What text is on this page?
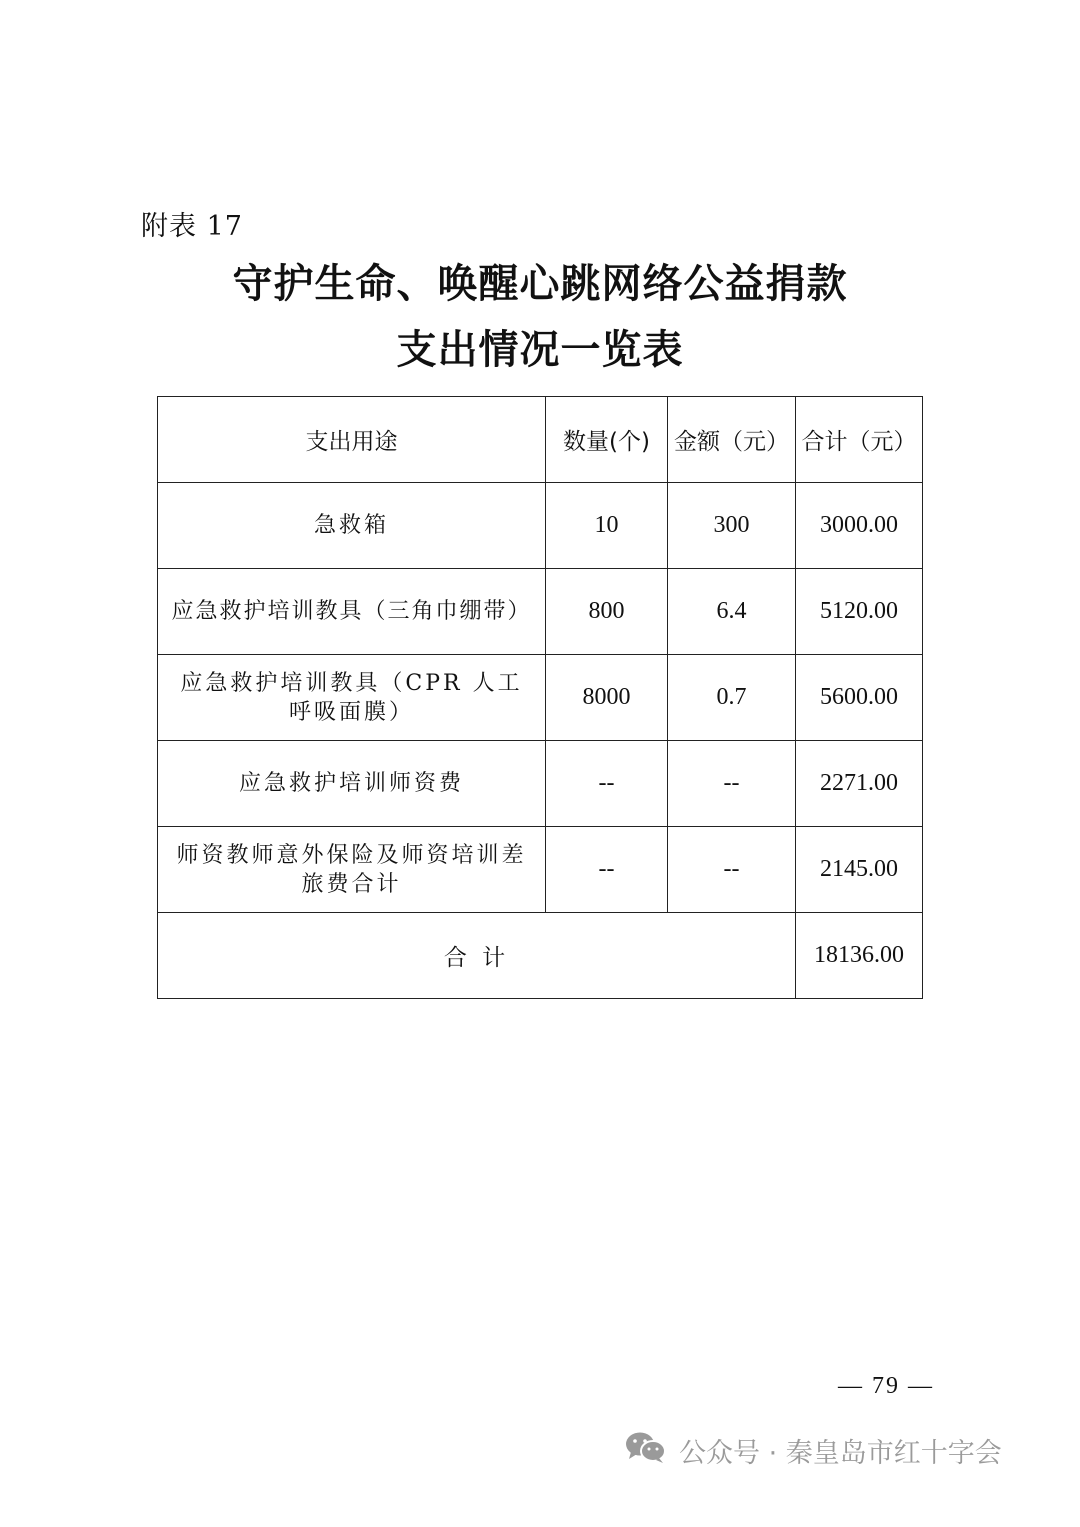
附表 17
守护生命、唤醒心跳网络公益捐款
支出情况一览表
支出用途	数量(个)	金额（元）	合计（元）
急救箱	10	300	3000.00
应急救护培训教具（三角巾绷带）	800	6.4	5120.00
应急救护培训教具（CPR 人工呼吸面膜）	8000	0.7	5600.00
应急救护培训师资费	--	--	2271.00
师资教师意外保险及师资培训差旅费合计	--	--	2145.00
合 计			18136.00
— 79 —
公众号 · 秦皇岛市红十字会
